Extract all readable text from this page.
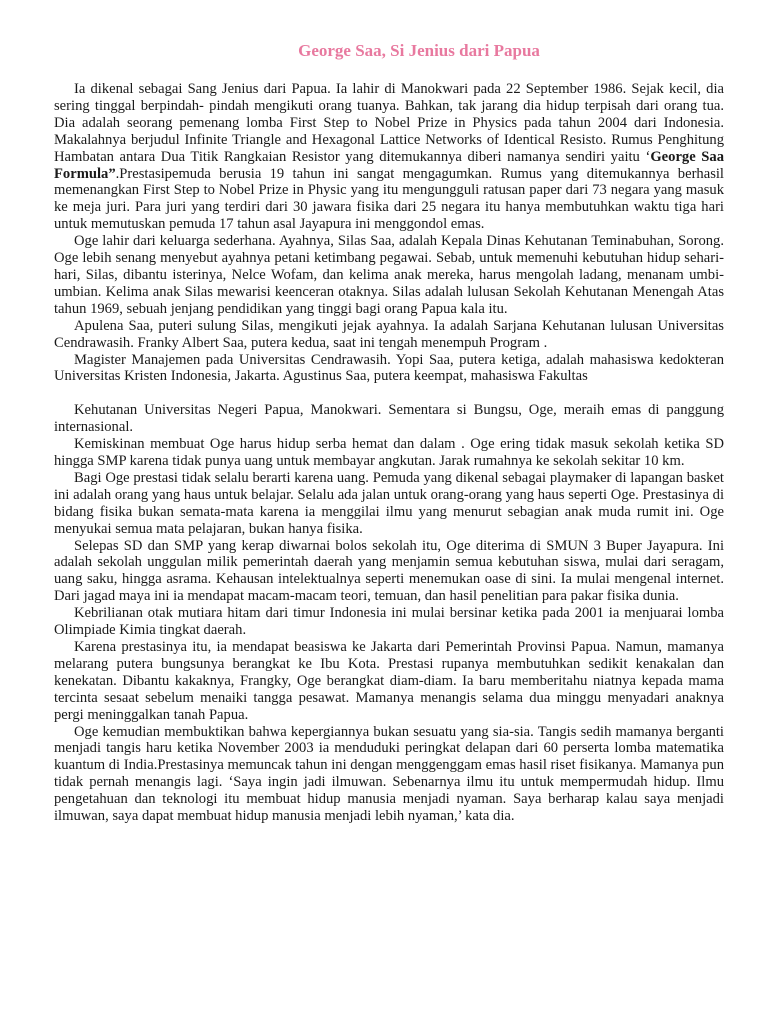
George Saa, Si Jenius dari Papua

Ia dikenal sebagai Sang Jenius dari Papua. Ia lahir di Manokwari pada 22 September 1986. Sejak kecil, dia sering tinggal berpindah- pindah mengikuti orang tuanya. Bahkan, tak jarang dia hidup terpisah dari orang tua. Dia adalah seorang pemenang lomba First Step to Nobel Prize in Physics pada tahun 2004 dari Indonesia. Makalahnya berjudul Infinite Triangle and Hexagonal Lattice Networks of Identical Resisto. Rumus Penghitung Hambatan antara Dua Titik Rangkaian Resistor yang ditemukannya diberi namanya sendiri yaitu ‘George Saa Formula”.Prestasipemuda berusia 19 tahun ini sangat mengagumkan. Rumus yang ditemukannya berhasil memenangkan First Step to Nobel Prize in Physic yang itu mengungguli ratusan paper dari 73 negara yang masuk ke meja juri. Para juri yang terdiri dari 30 jawara fisika dari 25 negara itu hanya membutuhkan waktu tiga hari untuk memutuskan pemuda 17 tahun asal Jayapura ini menggondol emas.

Oge lahir dari keluarga sederhana. Ayahnya, Silas Saa, adalah Kepala Dinas Kehutanan Teminabuhan, Sorong. Oge lebih senang menyebut ayahnya petani ketimbang pegawai. Sebab, untuk memenuhi kebutuhan hidup sehari-hari, Silas, dibantu isterinya, Nelce Wofam, dan kelima anak mereka, harus mengolah ladang, menanam umbi-umbian. Kelima anak Silas mewarisi keenceran otaknya. Silas adalah lulusan Sekolah Kehutanan Menengah Atas tahun 1969, sebuah jenjang pendidikan yang tinggi bagi orang Papua kala itu.

Apulena Saa, puteri sulung Silas, mengikuti jejak ayahnya. Ia adalah Sarjana Kehutanan lulusan Universitas Cendrawasih. Franky Albert Saa, putera kedua, saat ini tengah menempuh Program .

Magister Manajemen pada Universitas Cendrawasih. Yopi Saa, putera ketiga, adalah mahasiswa kedokteran Universitas Kristen Indonesia, Jakarta. Agustinus Saa, putera keempat, mahasiswa Fakultas

Kehutanan Universitas Negeri Papua, Manokwari. Sementara si Bungsu, Oge, meraih emas di panggung internasional.

Kemiskinan membuat Oge harus hidup serba hemat dan dalam . Oge ering tidak masuk sekolah ketika SD hingga SMP karena tidak punya uang untuk membayar angkutan. Jarak rumahnya ke sekolah sekitar 10 km.

Bagi Oge prestasi tidak selalu berarti karena uang. Pemuda yang dikenal sebagai playmaker di lapangan basket ini adalah orang yang haus untuk belajar. Selalu ada jalan untuk orang-orang yang haus seperti Oge. Prestasinya di bidang fisika bukan semata-mata karena ia menggilai ilmu yang menurut sebagian anak muda rumit ini. Oge menyukai semua mata pelajaran, bukan hanya fisika.

Selepas SD dan SMP yang kerap diwarnai bolos sekolah itu, Oge diterima di SMUN 3 Buper Jayapura. Ini adalah sekolah unggulan milik pemerintah daerah yang menjamin semua kebutuhan siswa, mulai dari seragam, uang saku, hingga asrama. Kehausan intelektualnya seperti menemukan oase di sini. Ia mulai mengenal internet. Dari jagad maya ini ia mendapat macam-macam teori, temuan, dan hasil penelitian para pakar fisika dunia.

Kebrilianan otak mutiara hitam dari timur Indonesia ini mulai bersinar ketika pada 2001 ia menjuarai lomba Olimpiade Kimia tingkat daerah.

Karena prestasinya itu, ia mendapat beasiswa ke Jakarta dari Pemerintah Provinsi Papua. Namun, mamanya melarang putera bungsunya berangkat ke Ibu Kota. Prestasi rupanya membutuhkan sedikit kenakalan dan kenekatan. Dibantu kakaknya, Frangky, Oge berangkat diam-diam. Ia baru memberitahu niatnya kepada mama tercinta sesaat sebelum menaiki tangga pesawat. Mamanya menangis selama dua minggu menyadari anaknya pergi meninggalkan tanah Papua.

Oge kemudian membuktikan bahwa kepergiannya bukan sesuatu yang sia-sia. Tangis sedih mamanya berganti menjadi tangis haru ketika November 2003 ia menduduki peringkat delapan dari 60 perserta lomba matematika kuantum di India.Prestasinya memuncak tahun ini dengan menggenggam emas hasil riset fisikanya. Mamanya pun tidak pernah menangis lagi. ‘Saya ingin jadi ilmuwan. Sebenarnya ilmu itu untuk mempermudah hidup. Ilmu pengetahuan dan teknologi itu membuat hidup manusia menjadi nyaman. Saya berharap kalau saya menjadi ilmuwan, saya dapat membuat hidup manusia menjadi lebih nyaman,’ kata dia.
